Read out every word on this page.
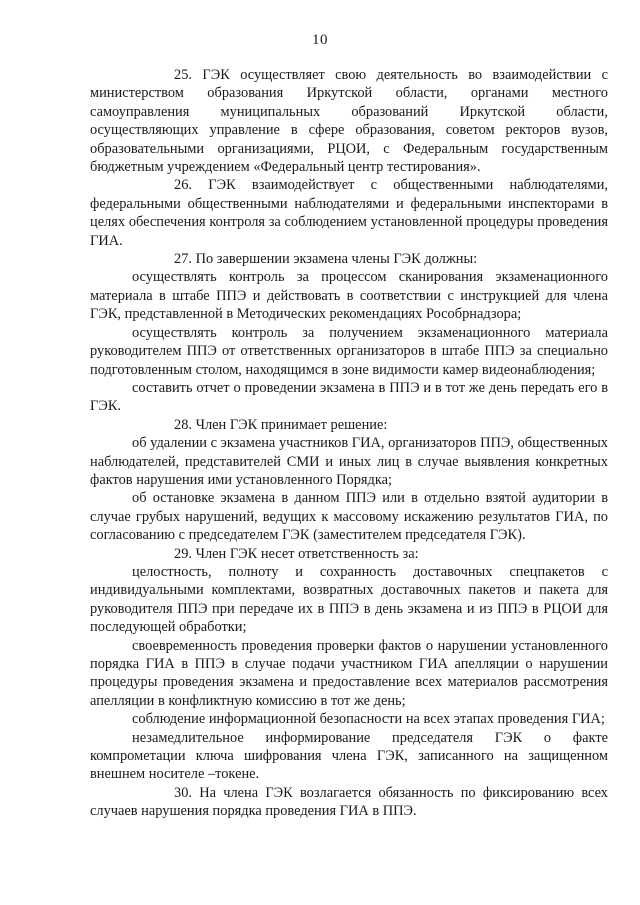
10

25. ГЭК осуществляет свою деятельность во взаимодействии с министерством образования Иркутской области, органами местного самоуправления муниципальных образований Иркутской области, осуществляющих управление в сфере образования, советом ректоров вузов, образовательными организациями, РЦОИ, с Федеральным государственным бюджетным учреждением «Федеральный центр тестирования».

26. ГЭК взаимодействует с общественными наблюдателями, федеральными общественными наблюдателями и федеральными инспекторами в целях обеспечения контроля за соблюдением установленной процедуры проведения ГИА.

27. По завершении экзамена члены ГЭК должны:

осуществлять контроль за процессом сканирования экзаменационного материала в штабе ППЭ и действовать в соответствии с инструкцией для члена ГЭК, представленной в Методических рекомендациях Рособрнадзора;

осуществлять контроль за получением экзаменационного материала руководителем ППЭ от ответственных организаторов в штабе ППЭ за специально подготовленным столом, находящимся в зоне видимости камер видеонаблюдения;

составить отчет о проведении экзамена в ППЭ и в тот же день передать его в ГЭК.

28. Член ГЭК принимает решение:

об удалении с экзамена участников ГИА, организаторов ППЭ, общественных наблюдателей, представителей СМИ и иных лиц в случае выявления конкретных фактов нарушения ими установленного Порядка;

об остановке экзамена в данном ППЭ или в отдельно взятой аудитории в случае грубых нарушений, ведущих к массовому искажению результатов ГИА, по согласованию с председателем ГЭК (заместителем председателя ГЭК).

29. Член ГЭК несет ответственность за:

целостность, полноту и сохранность доставочных спецпакетов с индивидуальными комплектами, возвратных доставочных пакетов и пакета для руководителя ППЭ при передаче их в ППЭ в день экзамена и из ППЭ в РЦОИ для последующей обработки;

своевременность проведения проверки фактов о нарушении установленного порядка ГИА в ППЭ в случае подачи участником ГИА апелляции о нарушении процедуры проведения экзамена и предоставление всех материалов рассмотрения апелляции в конфликтную комиссию в тот же день;

соблюдение информационной безопасности на всех этапах проведения ГИА;

незамедлительное информирование председателя ГЭК о факте компрометации ключа шифрования члена ГЭК, записанного на защищенном внешнем носителе –токене.

30. На члена ГЭК возлагается обязанность по фиксированию всех случаев нарушения порядка проведения ГИА в ППЭ.
